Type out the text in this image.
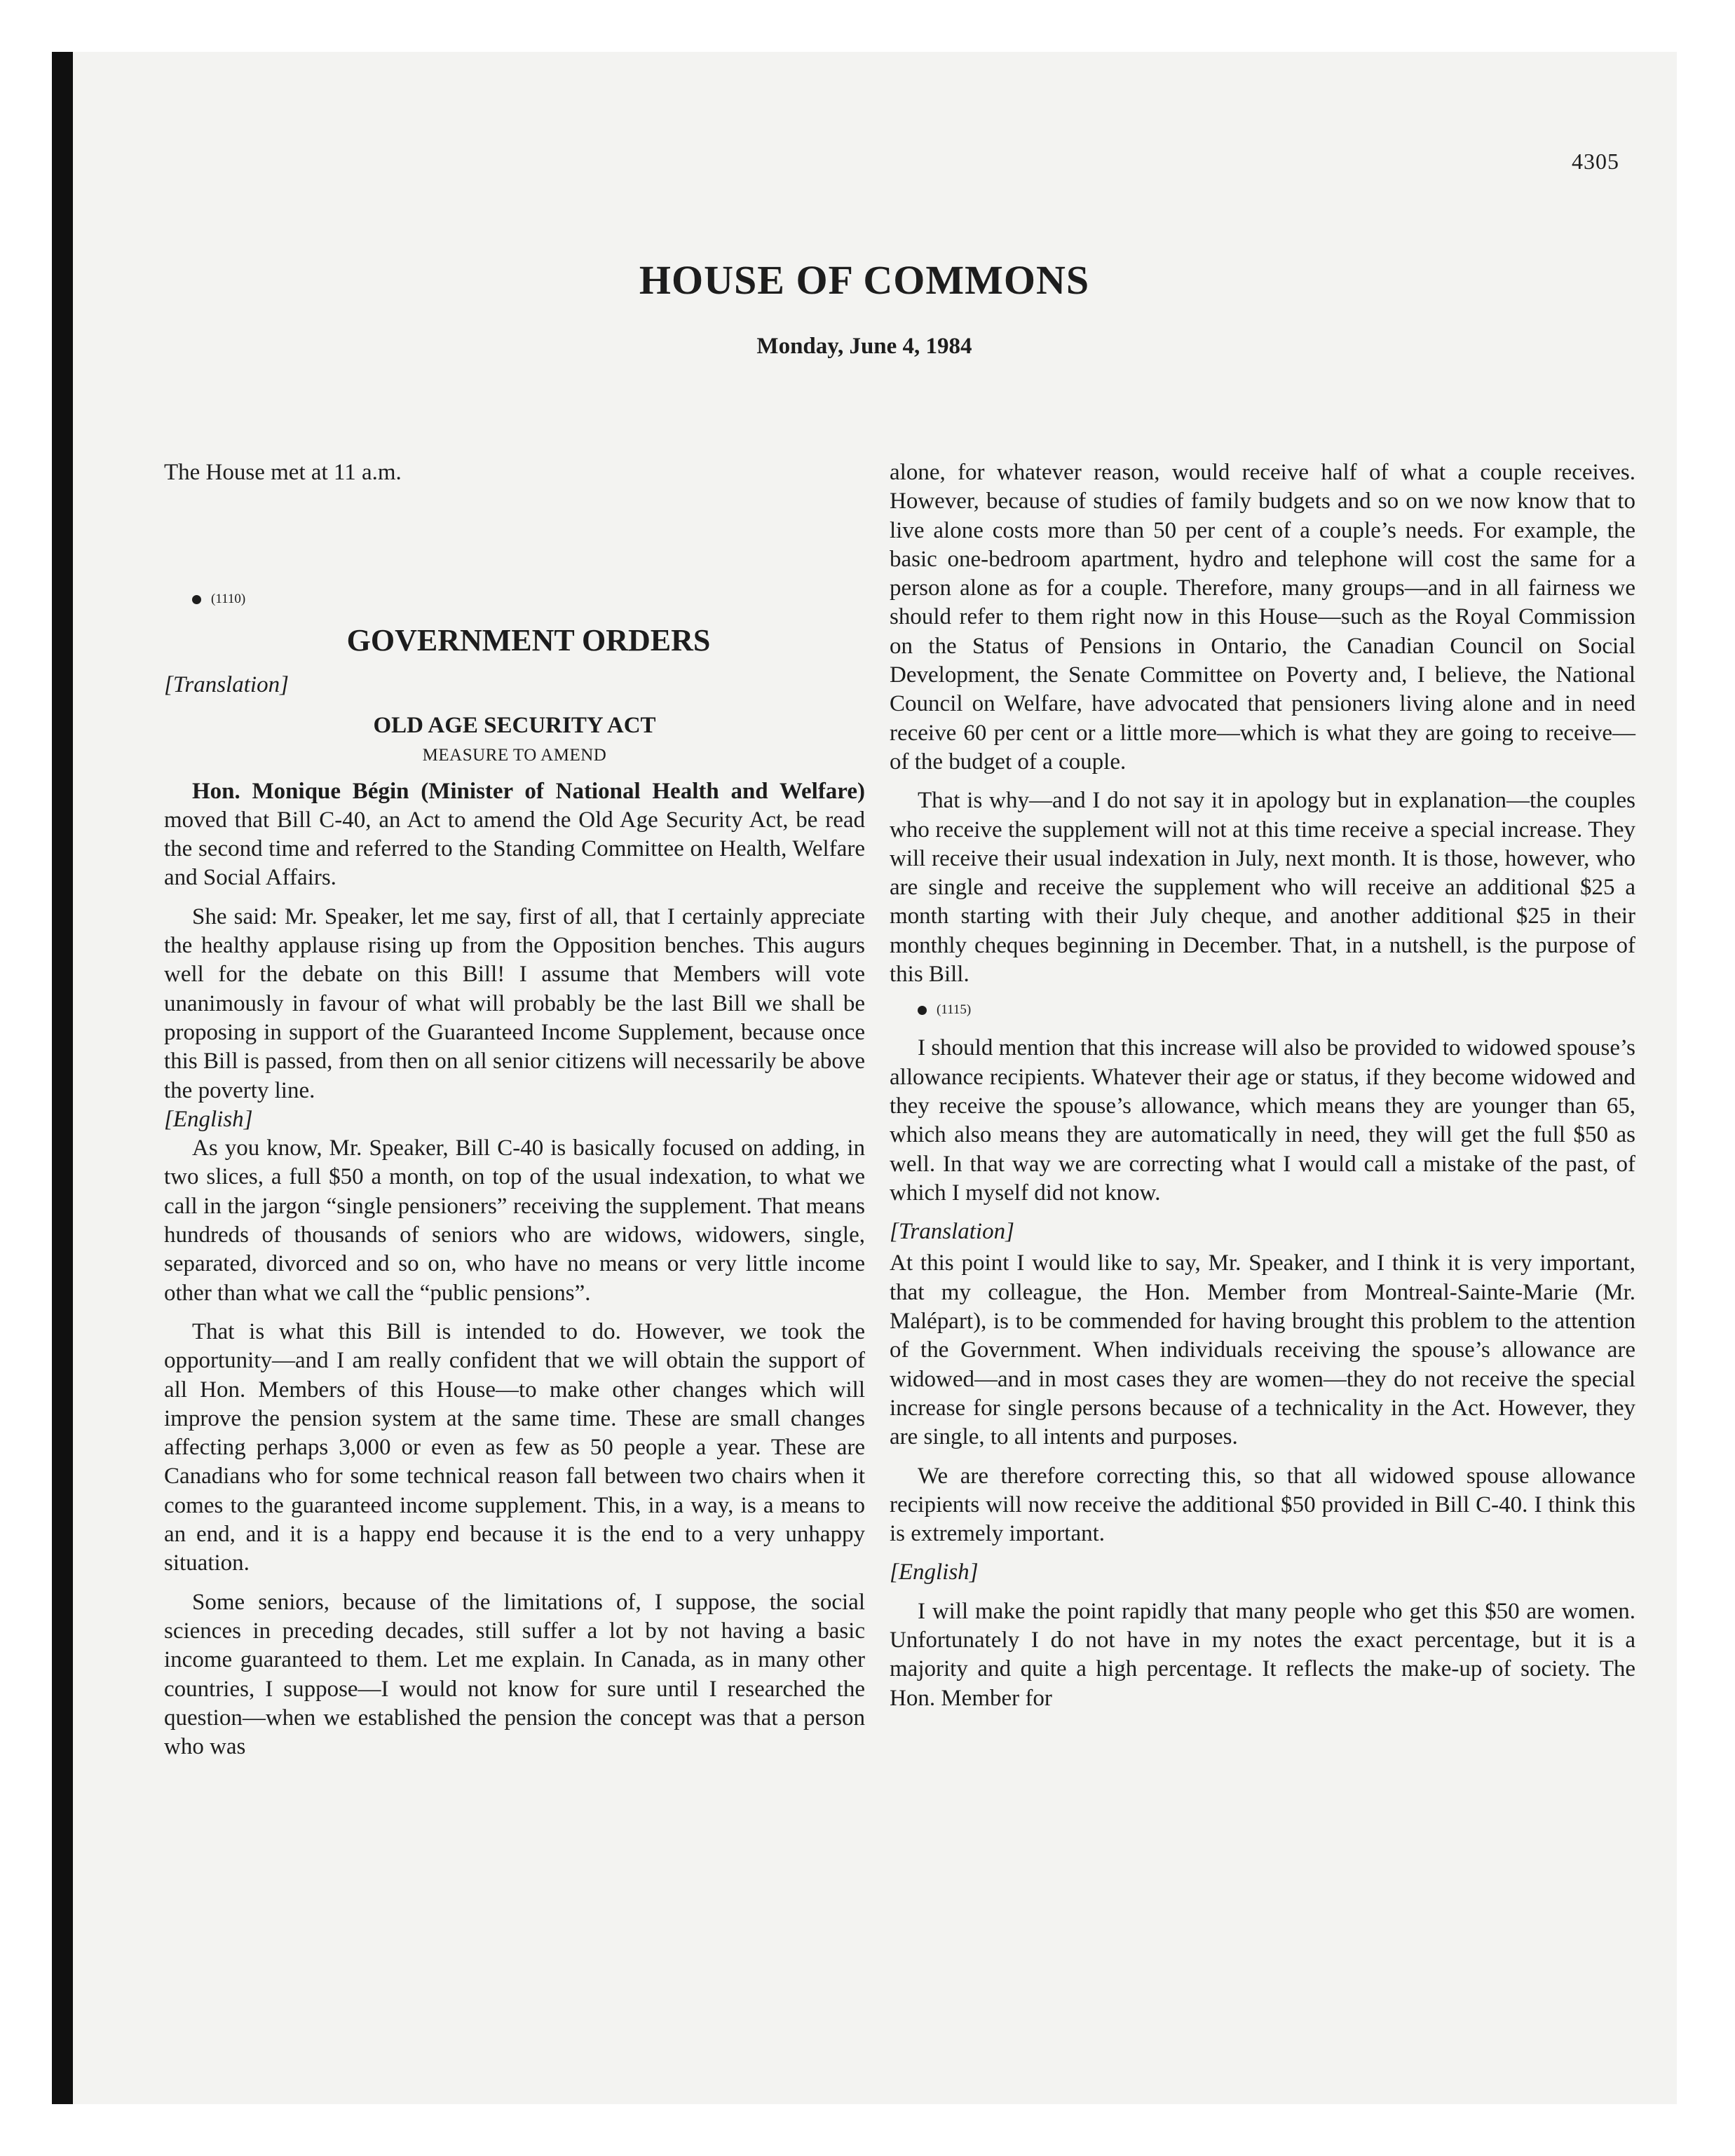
4305
HOUSE OF COMMONS
Monday, June 4, 1984

The House met at 11 a.m.

(1110)

GOVERNMENT ORDERS

[Translation]

OLD AGE SECURITY ACT
MEASURE TO AMEND

Hon. Monique Bégin (Minister of National Health and Welfare) moved that Bill C-40, an Act to amend the Old Age Security Act, be read the second time and referred to the Standing Committee on Health, Welfare and Social Affairs.

She said: Mr. Speaker, let me say, first of all, that I certainly appreciate the healthy applause rising up from the Opposition benches. This augurs well for the debate on this Bill! I assume that Members will vote unanimously in favour of what will probably be the last Bill we shall be proposing in support of the Guaranteed Income Supplement, because once this Bill is passed, from then on all senior citizens will necessarily be above the poverty line.

[English]

As you know, Mr. Speaker, Bill C-40 is basically focused on adding, in two slices, a full $50 a month, on top of the usual indexation, to what we call in the jargon “single pensioners” receiving the supplement. That means hundreds of thousands of seniors who are widows, widowers, single, separated, divorced and so on, who have no means or very little income other than what we call the “public pensions”.

That is what this Bill is intended to do. However, we took the opportunity—and I am really confident that we will obtain the support of all Hon. Members of this House—to make other changes which will improve the pension system at the same time. These are small changes affecting perhaps 3,000 or even as few as 50 people a year. These are Canadians who for some technical reason fall between two chairs when it comes to the guaranteed income supplement. This, in a way, is a means to an end, and it is a happy end because it is the end to a very unhappy situation.

Some seniors, because of the limitations of, I suppose, the social sciences in preceding decades, still suffer a lot by not having a basic income guaranteed to them. Let me explain. In Canada, as in many other countries, I suppose—I would not know for sure until I researched the question—when we established the pension the concept was that a person who was

alone, for whatever reason, would receive half of what a couple receives. However, because of studies of family budgets and so on we now know that to live alone costs more than 50 per cent of a couple’s needs. For example, the basic one-bedroom apartment, hydro and telephone will cost the same for a person alone as for a couple. Therefore, many groups—and in all fairness we should refer to them right now in this House—such as the Royal Commission on the Status of Pensions in Ontario, the Canadian Council on Social Development, the Senate Committee on Poverty and, I believe, the National Council on Welfare, have advocated that pensioners living alone and in need receive 60 per cent or a little more—which is what they are going to receive—of the budget of a couple.

That is why—and I do not say it in apology but in explanation—the couples who receive the supplement will not at this time receive a special increase. They will receive their usual indexation in July, next month. It is those, however, who are single and receive the supplement who will receive an additional $25 a month starting with their July cheque, and another additional $25 in their monthly cheques beginning in December. That, in a nutshell, is the purpose of this Bill.

(1115)

I should mention that this increase will also be provided to widowed spouse’s allowance recipients. Whatever their age or status, if they become widowed and they receive the spouse’s allowance, which means they are younger than 65, which also means they are automatically in need, they will get the full $50 as well. In that way we are correcting what I would call a mistake of the past, of which I myself did not know.

[Translation]

At this point I would like to say, Mr. Speaker, and I think it is very important, that my colleague, the Hon. Member from Montreal-Sainte-Marie (Mr. Malépart), is to be commended for having brought this problem to the attention of the Government. When individuals receiving the spouse’s allowance are widowed—and in most cases they are women—they do not receive the special increase for single persons because of a technicality in the Act. However, they are single, to all intents and purposes.

We are therefore correcting this, so that all widowed spouse allowance recipients will now receive the additional $50 provided in Bill C-40. I think this is extremely important.

[English]

I will make the point rapidly that many people who get this $50 are women. Unfortunately I do not have in my notes the exact percentage, but it is a majority and quite a high percentage. It reflects the make-up of society. The Hon. Member for
